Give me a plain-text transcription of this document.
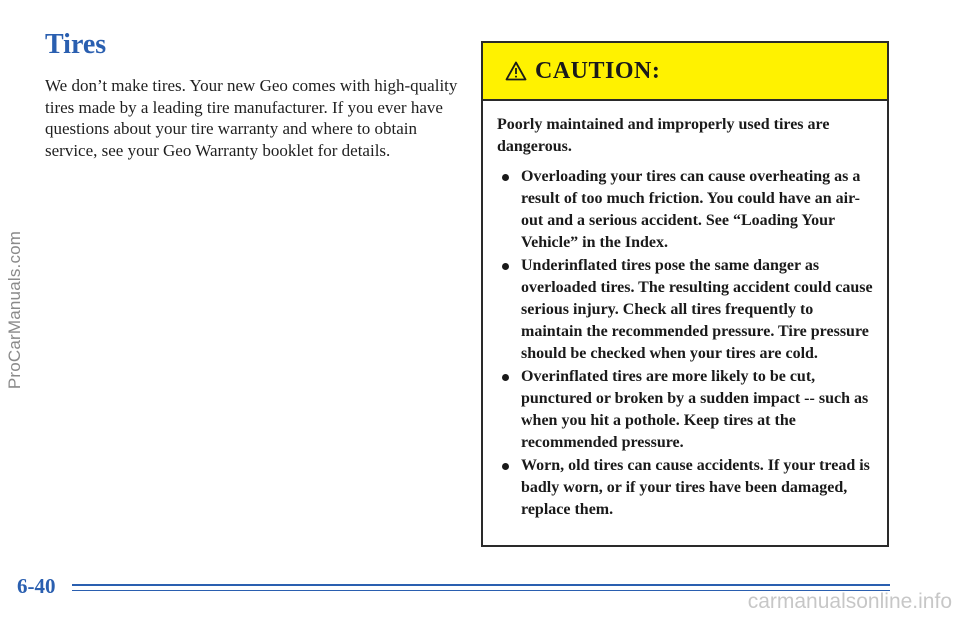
ProCarManuals.com
Tires

We don’t make tires. Your new Geo comes with high-quality tires made by a leading tire manufacturer. If you ever have questions about your tire warranty and where to obtain service, see your Geo Warranty booklet for details.

CAUTION:

Poorly maintained and improperly used tires are dangerous.

Overloading your tires can cause overheating as a result of too much friction. You could have an air-out and a serious accident. See “Loading Your Vehicle” in the Index.
Underinflated tires pose the same danger as overloaded tires. The resulting accident could cause serious injury. Check all tires frequently to maintain the recommended pressure. Tire pressure should be checked when your tires are cold.
Overinflated tires are more likely to be cut, punctured or broken by a sudden impact -- such as when you hit a pothole. Keep tires at the recommended pressure.
Worn, old tires can cause accidents. If your tread is badly worn, or if your tires have been damaged, replace them.
6-40
carmanualsonline.info
